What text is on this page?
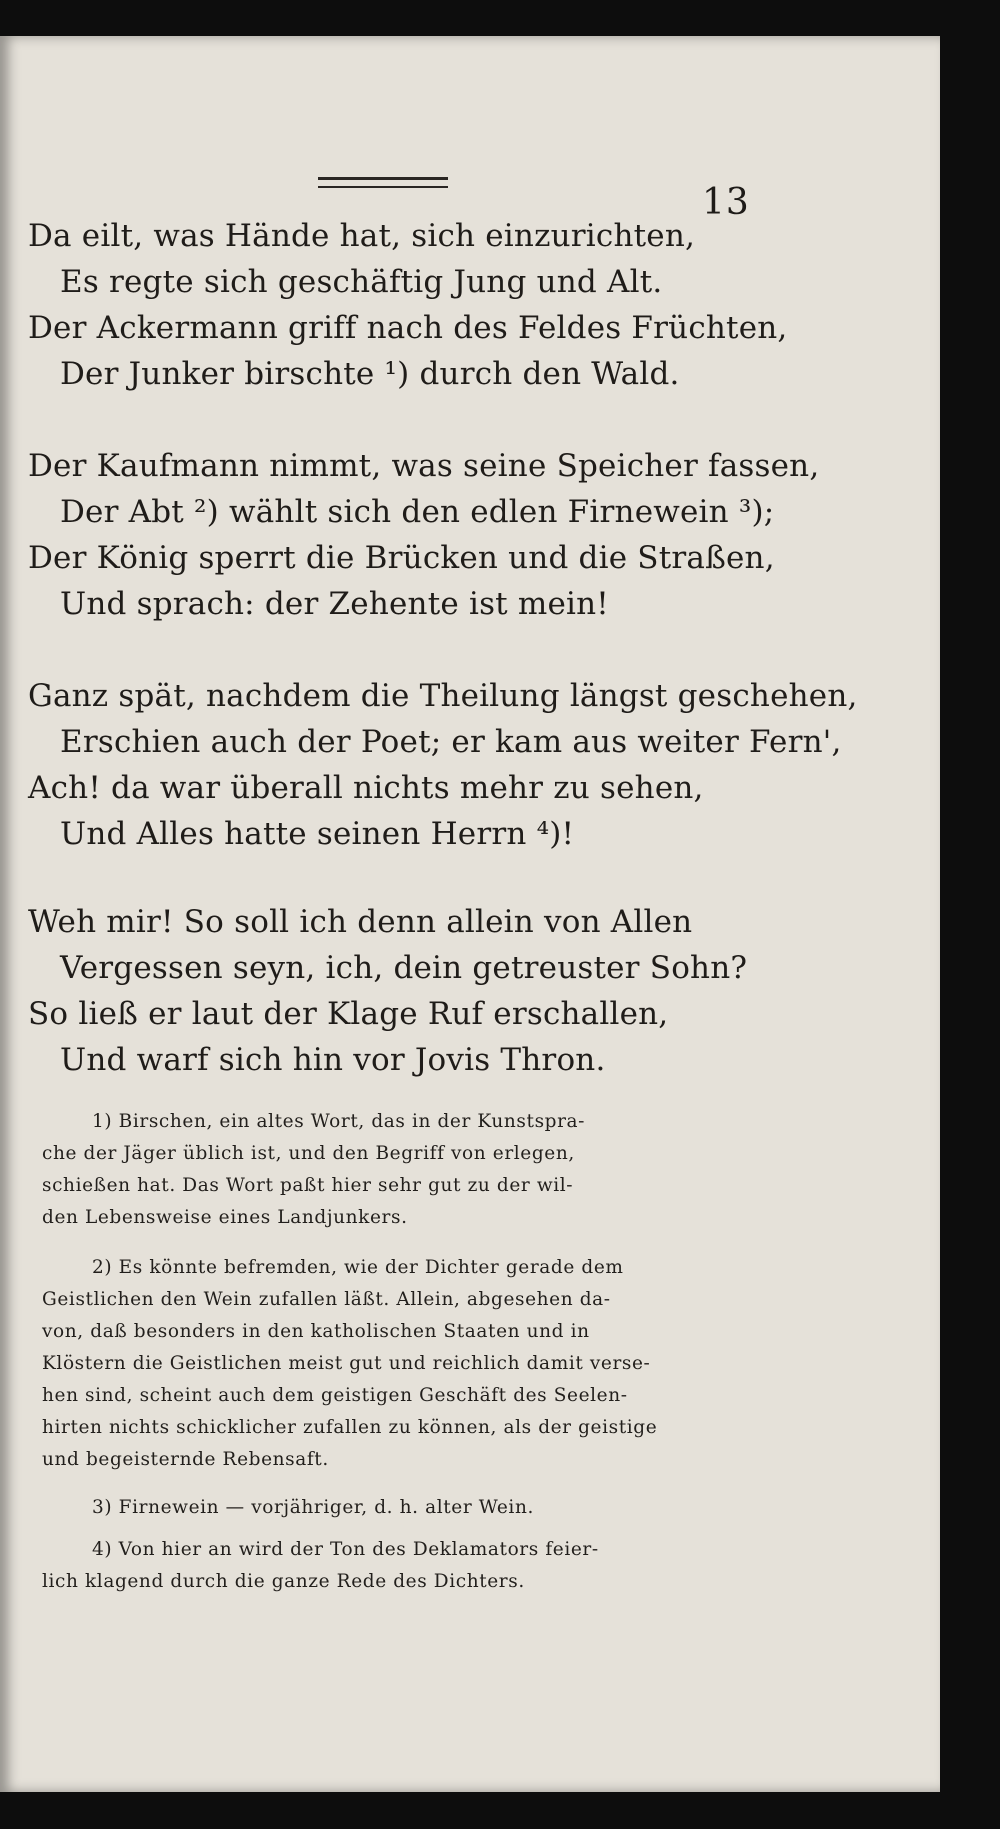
13
Da eilt, was Hände hat, sich einzurichten,
Es regte sich geschäftig Jung und Alt.
Der Ackermann griff nach des Feldes Früchten,
Der Junker birschte ¹) durch den Wald.
Der Kaufmann nimmt, was seine Speicher fassen,
Der Abt ²) wählt sich den edlen Firnewein ³);
Der König sperrt die Brücken und die Straßen,
Und sprach: der Zehente ist mein!
Ganz spät, nachdem die Theilung längst geschehen,
Erschien auch der Poet; er kam aus weiter Fern',
Ach! da war überall nichts mehr zu sehen,
Und Alles hatte seinen Herrn ⁴)!
Weh mir! So soll ich denn allein von Allen
Vergessen seyn, ich, dein getreuster Sohn?
So ließ er laut der Klage Ruf erschallen,
Und warf sich hin vor Jovis Thron.
1) Birschen, ein altes Wort, das in der Kunstspra-
che der Jäger üblich ist, und den Begriff von erlegen,
schießen hat. Das Wort paßt hier sehr gut zu der wil-
den Lebensweise eines Landjunkers.
2) Es könnte befremden, wie der Dichter gerade dem
Geistlichen den Wein zufallen läßt. Allein, abgesehen da-
von, daß besonders in den katholischen Staaten und in
Klöstern die Geistlichen meist gut und reichlich damit verse-
hen sind, scheint auch dem geistigen Geschäft des Seelen-
hirten nichts schicklicher zufallen zu können, als der geistige
und begeisternde Rebensaft.
3) Firnewein — vorjähriger, d. h. alter Wein.
4) Von hier an wird der Ton des Deklamators feier-
lich klagend durch die ganze Rede des Dichters.
